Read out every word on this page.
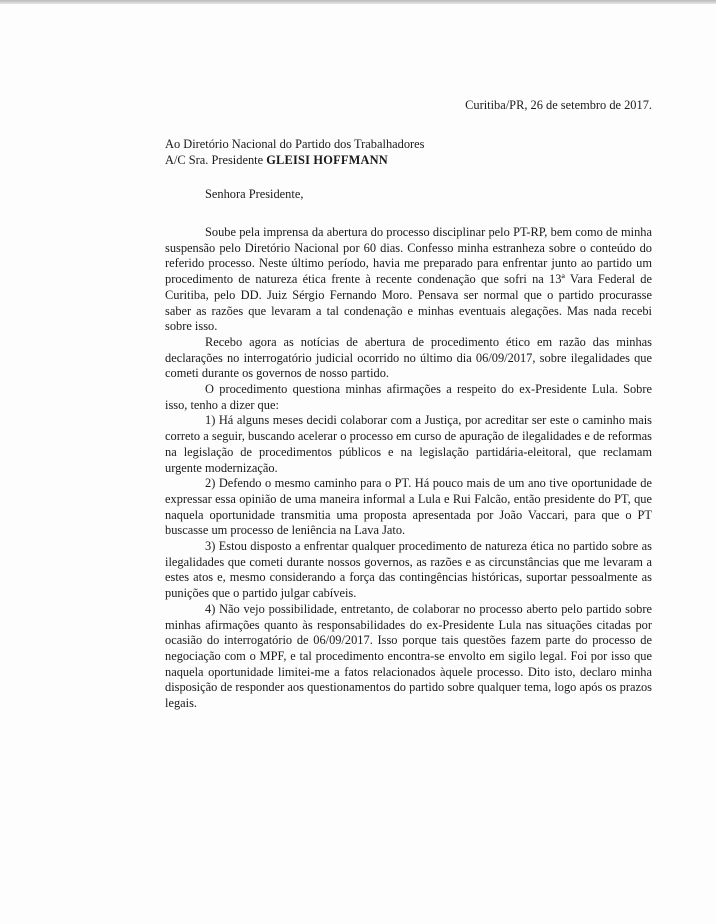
Curitiba/PR, 26 de setembro de 2017.
Ao Diretório Nacional do Partido dos Trabalhadores
A/C Sra. Presidente GLEISI HOFFMANN
Senhora Presidente,

Soube pela imprensa da abertura do processo disciplinar pelo PT-RP, bem como de minha suspensão pelo Diretório Nacional por 60 dias. Confesso minha estranheza sobre o conteúdo do referido processo. Neste último período, havia me preparado para enfrentar junto ao partido um procedimento de natureza ética frente à recente condenação que sofri na 13ª Vara Federal de Curitiba, pelo DD. Juiz Sérgio Fernando Moro. Pensava ser normal que o partido procurasse saber as razões que levaram a tal condenação e minhas eventuais alegações. Mas nada recebi sobre isso.

Recebo agora as notícias de abertura de procedimento ético em razão das minhas declarações no interrogatório judicial ocorrido no último dia 06/09/2017, sobre ilegalidades que cometi durante os governos de nosso partido.

O procedimento questiona minhas afirmações a respeito do ex-Presidente Lula. Sobre isso, tenho a dizer que:

1) Há alguns meses decidi colaborar com a Justiça, por acreditar ser este o caminho mais correto a seguir, buscando acelerar o processo em curso de apuração de ilegalidades e de reformas na legislação de procedimentos públicos e na legislação partidária-eleitoral, que reclamam urgente modernização.

2) Defendo o mesmo caminho para o PT. Há pouco mais de um ano tive oportunidade de expressar essa opinião de uma maneira informal a Lula e Rui Falcão, então presidente do PT, que naquela oportunidade transmitia uma proposta apresentada por João Vaccari, para que o PT buscasse um processo de leniência na Lava Jato.

3) Estou disposto a enfrentar qualquer procedimento de natureza ética no partido sobre as ilegalidades que cometi durante nossos governos, as razões e as circunstâncias que me levaram a estes atos e, mesmo considerando a força das contingências históricas, suportar pessoalmente as punições que o partido julgar cabíveis.

4) Não vejo possibilidade, entretanto, de colaborar no processo aberto pelo partido sobre minhas afirmações quanto às responsabilidades do ex-Presidente Lula nas situações citadas por ocasião do interrogatório de 06/09/2017. Isso porque tais questões fazem parte do processo de negociação com o MPF, e tal procedimento encontra-se envolto em sigilo legal. Foi por isso que naquela oportunidade limitei-me a fatos relacionados àquele processo. Dito isto, declaro minha disposição de responder aos questionamentos do partido sobre qualquer tema, logo após os prazos legais.
